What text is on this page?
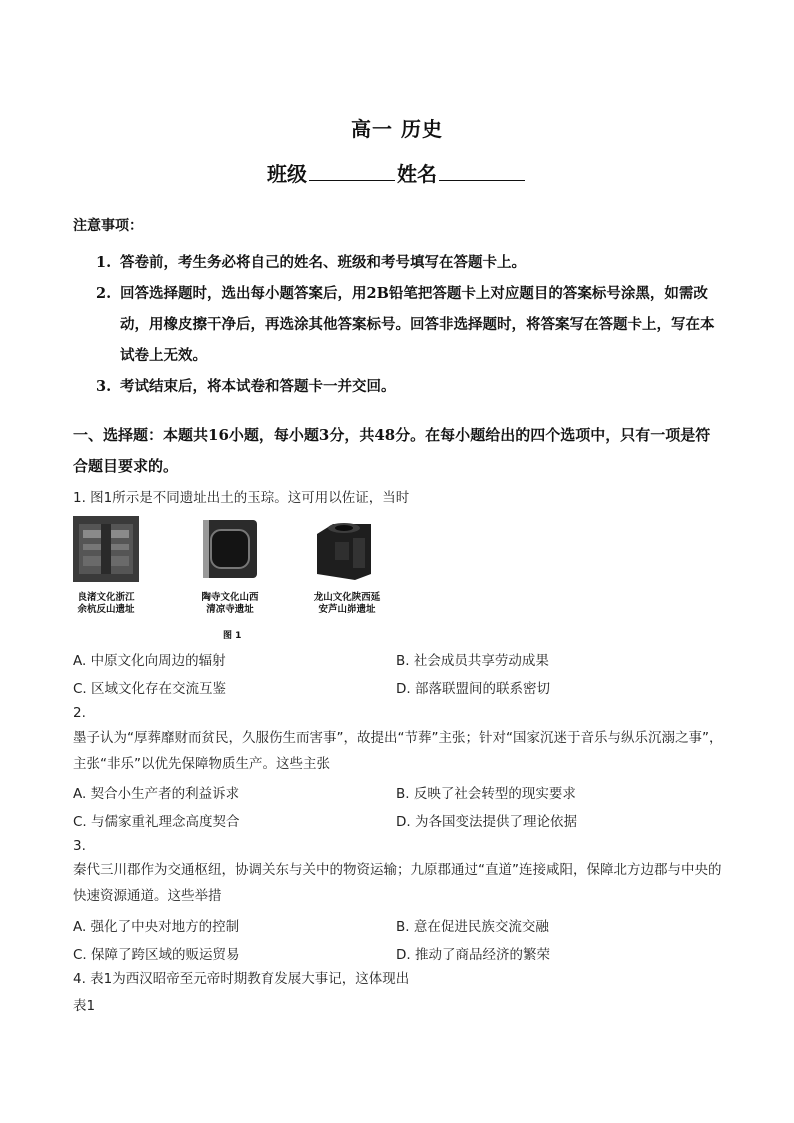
高一 历史
班级	姓名
注意事项：
1. 答卷前，考生务必将自己的姓名、班级和考号填写在答题卡上。
2. 回答选择题时，选出每小题答案后，用2B铅笔把答题卡上对应题目的答案标号涂黑，如需改动，用橡皮擦干净后，再选涂其他答案标号。回答非选择题时，将答案写在答题卡上，写在本试卷上无效。
3. 考试结束后，将本试卷和答题卡一并交回。
一、选择题：本题共16小题，每小题3分，共48分。在每小题给出的四个选项中，只有一项是符合题目要求的。
1. 图1所示是不同遗址出土的玉琮。这可用以佐证，当时
良渚文化浙江
余杭反山遗址
陶寺文化山西
清凉寺遗址
龙山文化陕西延
安芦山峁遗址
图 1
A. 中原文化向周边的辐射	B. 社会成员共享劳动成果
C. 区域文化存在交流互鉴	D. 部落联盟间的联系密切
2.
墨子认为“厚葬靡财而贫民，久服伤生而害事”，故提出“节葬”主张；针对“国家沉迷于音乐与纵乐沉溺之事”，主张“非乐”以优先保障物质生产。这些主张
A. 契合小生产者的利益诉求	B. 反映了社会转型的现实要求
C. 与儒家重礼理念高度契合	D. 为各国变法提供了理论依据
3.
秦代三川郡作为交通枢纽，协调关东与关中的物资运输；九原郡通过“直道”连接咸阳，保障北方边郡与中央的快速资源通道。这些举措
A. 强化了中央对地方的控制	B. 意在促进民族交流交融
C. 保障了跨区域的贩运贸易	D. 推动了商品经济的繁荣
4. 表1为西汉昭帝至元帝时期教育发展大事记，这体现出
表1
